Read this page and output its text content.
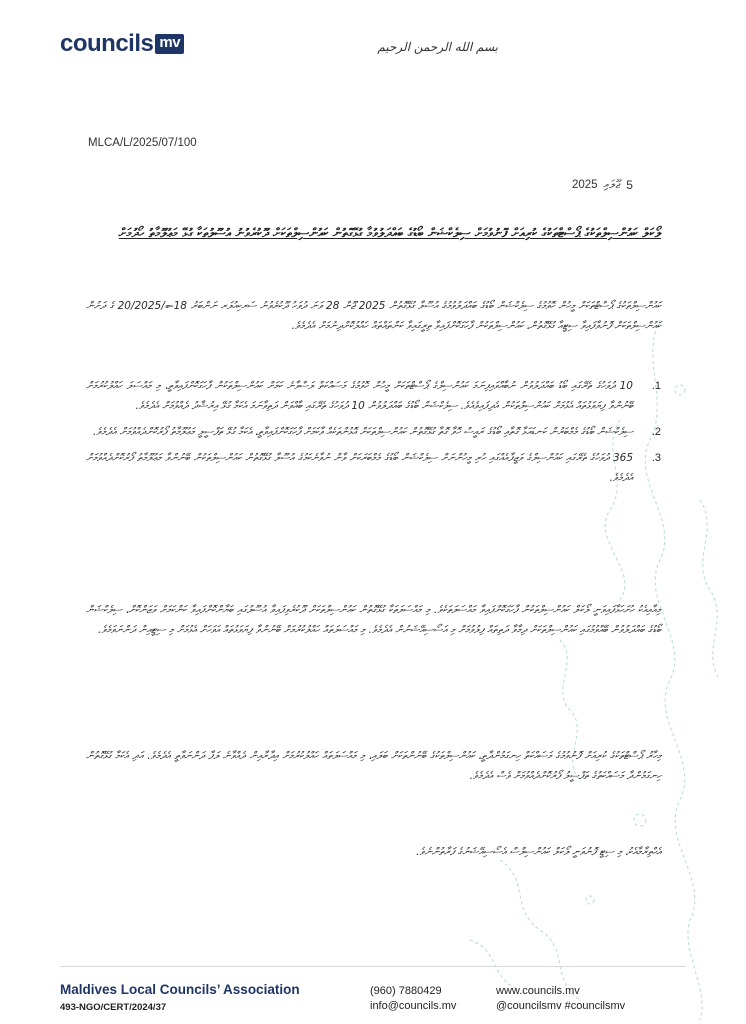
councils mv	بسم الله الرحمن الرحيم
MLCA/L/2025/07/100
2025 ޖޫލައި 5
ލޯކަލް ކައުންސިލްތަކުގެ ޕޯސްޓްތަކުގެ ކުރިއަށް ފޮނުވުމަށް ސިލެކްޝަން ބޯޑުގެ ބައްދަލުވުމާ ގުޅޭގޮތުން ކައުންސިލްތަކަށް ދޫކުރެވުނު އުސޫލުތަކާ ގުޅޭ މަޢުލޫމާތު ހޯދުމަށް
ކައުންސިލްތަކުގެ ޕޯސްޓްތަކަށް މީހުން ހޮވުމުގެ ސިލެކްޝަން ބޯޑުގެ ބައްދަލުވުމުގެ އުސޫލާ ގުޅޭގޮތުން 2025 ޖޫން 28 ވަނަ ދުވަހު ދޫކުރެވުނު ސަރކިއުލަރ ނަންބަރު 18-ބ/20/2025 ގެ ދަށުން ކައުންސިލްތަކަށް ފޮނުވާފައިވާ ސިޓީއާ ގުޅޭގޮތުން، ކައުންސިލްތަކުން ފާހަގަކޮށްފައިވާ ތިރީގައިވާ ކަންތައްތައް ހައްލުކޮށްދިނުމަށް އެދެމެވެ.
1.
10 ދުވަހުގެ ތެރޭގައި ބޯޑު ބައްދަލުވުން ނުބާއްވައިފިނަމަ ކައުންސިލްގެ ޕޯސްޓްތަކަށް މީހުން ހޮވުމުގެ މަސައްކަތް ލަސްވާނެ ކަމަށް ކައުންސިލްތަކުން ފާހަގަކޮށްފައިވާތީ، މި މައްސަލަ ހައްލުކުރުމަށް ބޭނުންވާ ފިޔަވަޅުތައް އެޅުމަށް ކައުންސިލްތަކުން އެދިފައިވެއެވެ. ސިލެކްޝަން ބޯޑުގެ ބައްދަލުވުން 10 ދުވަހުގެ ތެރޭގައި ބާއްވަން ދަތިވާނަމަ އެކަމާ ގުޅޭ އިރުޝާދު ދެއްވުމަށް އެދެމެވެ.
2.
ސިލެކްޝަން ބޯޑުގެ މެމްބަރުން ކަނޑައަޅާ ގޮތާއި ބޯޑުގެ ރައީސް ހޮވާ ގޮތާ ގުޅޭގޮތުން ކައުންސިލްތަކަށް އޮޅުންތަކެއް ވާކަމަށް ފާހަގަކޮށްފައިވާތީ، އެކަމާ ގުޅޭ ތަފްސީލީ މަޢުލޫމާތު ފޯރުކޮށްދެއްވުމަށް އެދެމެވެ.
3.
365 ދުވަހުގެ ތެރޭގައި ކައުންސިލްގެ ވަޒީފާއެއްގައި ހުރި މީހުންނަށް ސިލެކްޝަން ބޯޑުގެ މެމްބަރަކަށް ވާން ނުވާނެކަމުގެ އުސޫލާ ގުޅޭގޮތުން ކައުންސިލްތަކުން ބޭނުންވާ މަޢުލޫމާތު ފޯރުކޮށްދެއްވުމަށް އެދެމެވެ.
މިއާއިއެކު ހުށަހަޅާފައިވަނީ ލޯކަލް ކައުންސިލްތަކުން ފާހަގަކޮށްފައިވާ މައްސަލަތަކެވެ. މި މައްސަލަތަކާ ގުޅޭގޮތުން ކައުންސިލްތަކަށް ދޫކުރެވިފައިވާ އުސޫލުގައި ބަޔާންކޮށްފައިވާ ކަންކަމަށް ވަޒަންކޮށް، ސިލެކްޝަން ބޯޑުގެ ބައްދަލުވުން ބޭއްވުމުގައި ކައުންސިލްތަކަށް ދިމާވާ ދަތިތައް ފިލުވުމަށް މި އަސޯސިއޭޝަނުން އެދެމެވެ. މި މައްސަލަތައް ހައްލުކުރުމަށް ބޭނުންވާ ފިޔަވަޅުތައް އަވަހަށް އެޅުމަށް މި ސިޓީއިން ދަންނަވަމެވެ.
މިހާރު ޕޯސްޓްތަކުގެ ކުރިއަށް ފޮނުވުމުގެ މަސައްކަތް ހިނގަމުންދާތީ، ކައުންސިލްތަކުގެ ބޭނުންތަކަށް ބަލައި، މި މައްސަލަތައް ހައްލުކުރުމަށް އިދާރާއިން ދެއްވާނެ ލަފާ ދަންނަވާތީ އެދެމެވެ. އަދި އެކަމާ ގުޅޭގޮތުން ހިނގަމުންދާ މަސައްކަތުގެ ތަފްސީލު ފޯރުކޮށްދެއްވުމަށް ވެސް އެދެމެވެ.
އެޙްތިރާމާއެކު، މި ސިޓީ ފޮނުވަނީ ލޯކަލް ކައުންސިލްސް އެސޯސިއޭޝަނުގެ ފަރާތުންނެވެ.
Maldives Local Councils’ Association
493-NGO/CERT/2024/37
(960) 7880429
info@councils.mv
www.councils.mv
@councilsmv #councilsmv
